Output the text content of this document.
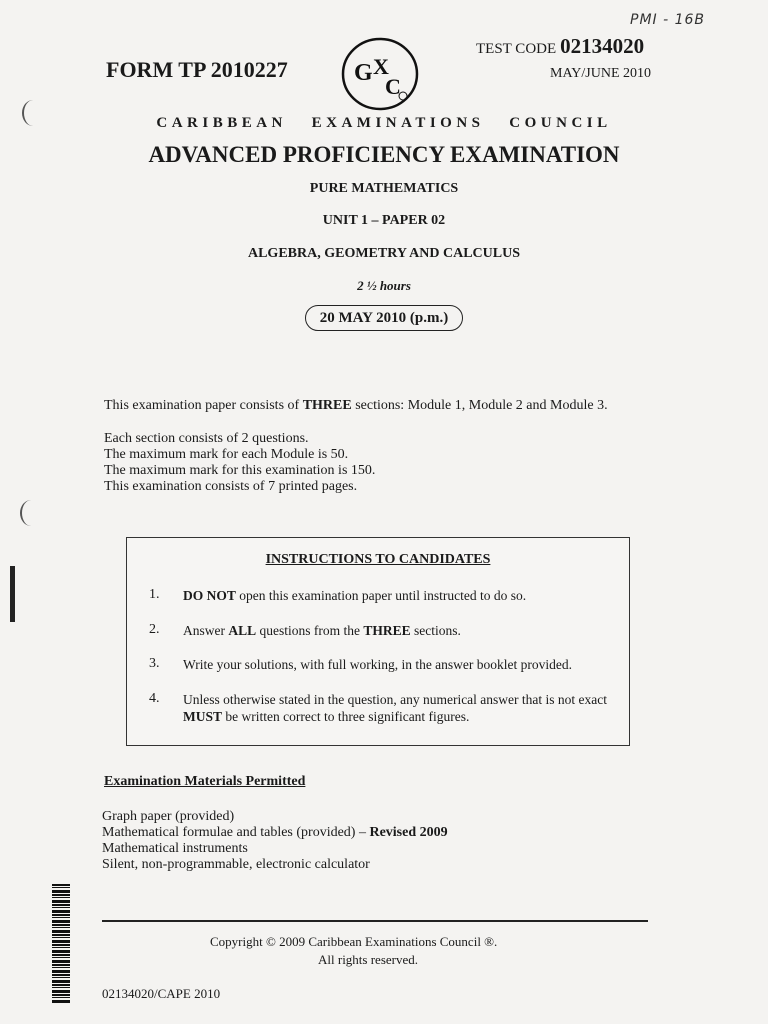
PMI - 16B
FORM TP 2010227	G X
C
TEST CODE 02134020
MAY/JUNE 2010
CARIBBEAN   EXAMINATIONS   COUNCIL
ADVANCED PROFICIENCY EXAMINATION
PURE MATHEMATICS
UNIT 1 – PAPER 02
ALGEBRA, GEOMETRY AND CALCULUS
2 ½ hours
20 MAY 2010 (p.m.)
This examination paper consists of THREE sections: Module 1, Module 2 and Module 3.
Each section consists of 2 questions.
The maximum mark for each Module is 50.
The maximum mark for this examination is 150.
This examination consists of 7 printed pages.
INSTRUCTIONS TO CANDIDATES
1. DO NOT open this examination paper until instructed to do so.
2. Answer ALL questions from the THREE sections.
3. Write your solutions, with full working, in the answer booklet provided.
4. Unless otherwise stated in the question, any numerical answer that is not exact MUST be written correct to three significant figures.
Examination Materials Permitted
Graph paper (provided)
Mathematical formulae and tables (provided) – Revised 2009
Mathematical instruments
Silent, non-programmable, electronic calculator
Copyright © 2009 Caribbean Examinations Council ®.
All rights reserved.
02134020/CAPE 2010
